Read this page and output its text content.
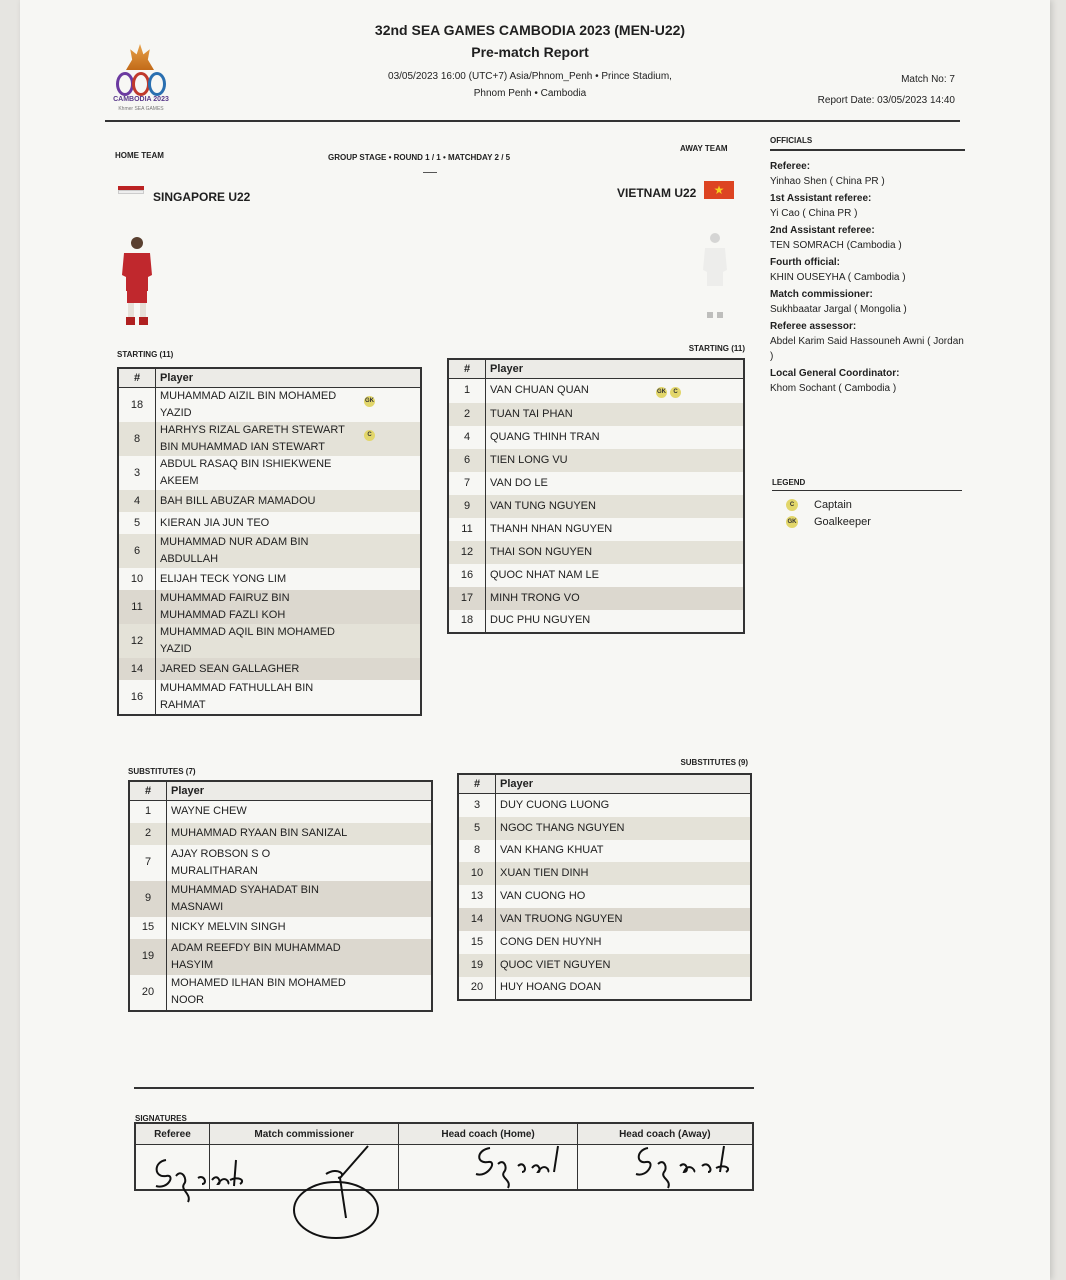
CAMBODIA 2023
Khmer SEA GAMES
32nd SEA GAMES CAMBODIA 2023 (MEN-U22)
Pre-match Report
03/05/2023 16:00 (UTC+7) Asia/Phnom_Penh • Prince Stadium,
Phnom Penh • Cambodia
Match No: 7
Report Date: 03/05/2023 14:40
HOME TEAM	GROUP STAGE • ROUND 1 / 1 • MATCHDAY 2 / 5
AWAY TEAM
SINGAPORE U22	VIETNAM U22	★
OFFICIALS
Referee:
Yinhao Shen ( China PR )
1st Assistant referee:
Yi Cao ( China PR )
2nd Assistant referee:
TEN SOMRACH (Cambodia )
Fourth official:
KHIN OUSEYHA ( Cambodia )
Match commissioner:
Sukhbaatar Jargal ( Mongolia )
Referee assessor:
Abdel Karim Said Hassouneh Awni ( Jordan )
Local General Coordinator:
Khom Sochant ( Cambodia )
LEGEND
C Captain
GK Goalkeeper
STARTING (11)
STARTING (11)
SUBSTITUTES (7)
SUBSTITUTES (9)
#	Player
18	MUHAMMAD AIZIL BIN MOHAMED YAZID
GK

8	HARHYS RIZAL GARETH STEWART BIN MUHAMMAD IAN STEWART
C

3	ABDUL RASAQ BIN ISHIEKWENE AKEEM
4	BAH BILL ABUZAR MAMADOU
5	KIERAN JIA JUN TEO
6	MUHAMMAD NUR ADAM BIN ABDULLAH
10	ELIJAH TECK YONG LIM
11	MUHAMMAD FAIRUZ BIN MUHAMMAD FAZLI KOH
12	MUHAMMAD AQIL BIN MOHAMED YAZID
14	JARED SEAN GALLAGHER
16	MUHAMMAD FATHULLAH BIN RAHMAT
#	Player
1	VAN CHUAN QUAN GK C

2	TUAN TAI PHAN
4	QUANG THINH TRAN
6	TIEN LONG VU
7	VAN DO LE
9	VAN TUNG NGUYEN
11	THANH NHAN NGUYEN
12	THAI SON NGUYEN
16	QUOC NHAT NAM LE
17	MINH TRONG VO
18	DUC PHU NGUYEN
#	Player
1	WAYNE CHEW
2	MUHAMMAD RYAAN BIN SANIZAL
7	AJAY ROBSON S O MURALITHARAN
9	MUHAMMAD SYAHADAT BIN MASNAWI
15	NICKY MELVIN SINGH
19	ADAM REEFDY BIN MUHAMMAD HASYIM
20	MOHAMED ILHAN BIN MOHAMED NOOR
#	Player
3	DUY CUONG LUONG
5	NGOC THANG NGUYEN
8	VAN KHANG KHUAT
10	XUAN TIEN DINH
13	VAN CUONG HO
14	VAN TRUONG NGUYEN
15	CONG DEN HUYNH
19	QUOC VIET NGUYEN
20	HUY HOANG DOAN
SIGNATURES
Referee	Match commissioner	Head coach (Home)	Head coach (Away)
